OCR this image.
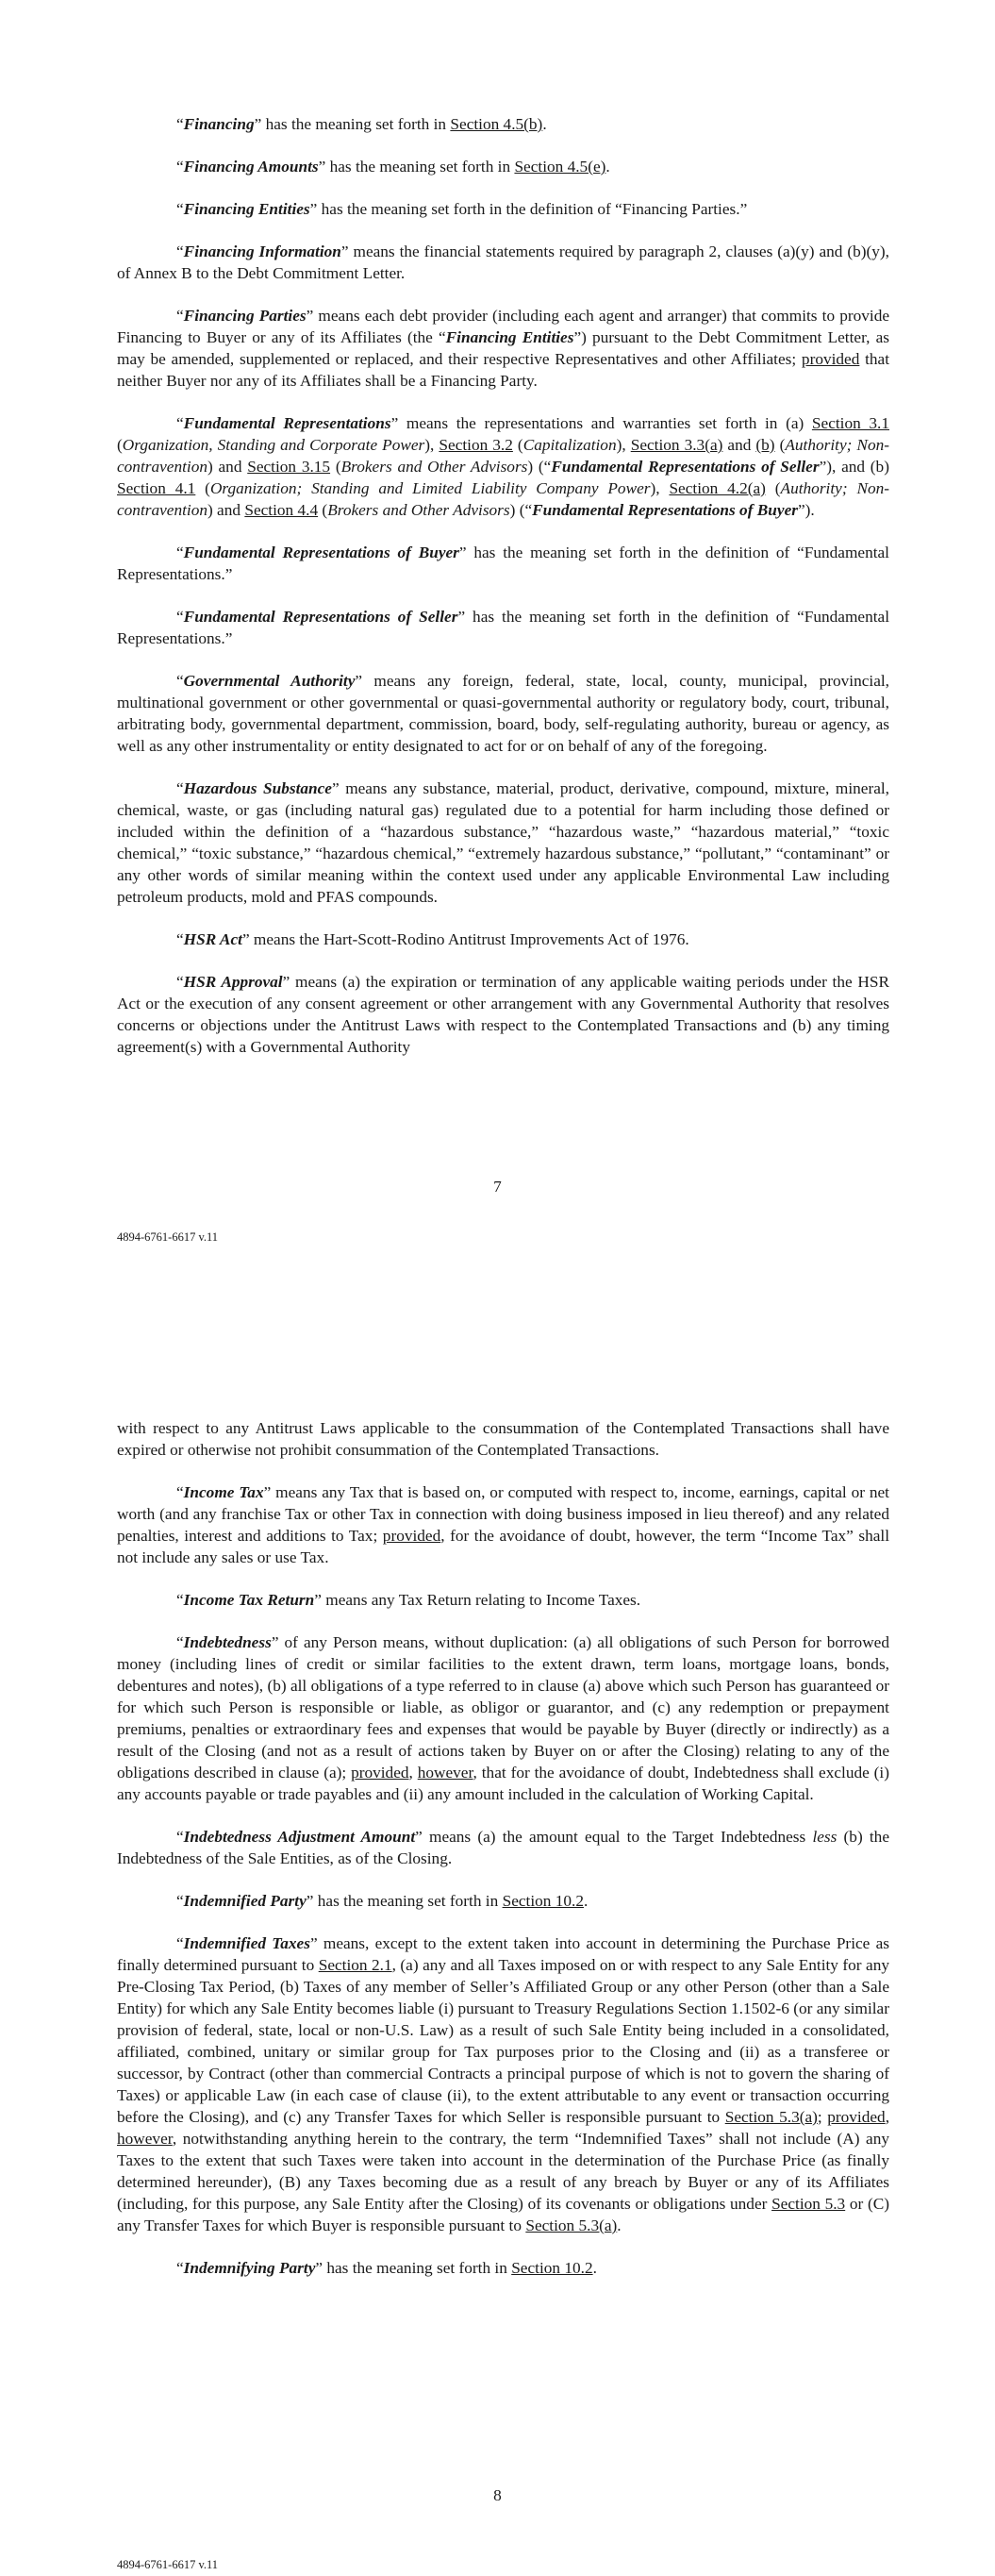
“Financing” has the meaning set forth in Section 4.5(b).

“Financing Amounts” has the meaning set forth in Section 4.5(e).

“Financing Entities” has the meaning set forth in the definition of “Financing Parties.”

“Financing Information” means the financial statements required by paragraph 2, clauses (a)(y) and (b)(y), of Annex B to the Debt Commitment Letter.

“Financing Parties” means each debt provider (including each agent and arranger) that commits to provide Financing to Buyer or any of its Affiliates (the “Financing Entities”) pursuant to the Debt Commitment Letter, as may be amended, supplemented or replaced, and their respective Representatives and other Affiliates; provided that neither Buyer nor any of its Affiliates shall be a Financing Party.

“Fundamental Representations” means the representations and warranties set forth in (a) Section 3.1 (Organization, Standing and Corporate Power), Section 3.2 (Capitalization), Section 3.3(a) and (b) (Authority; Non-contravention) and Section 3.15 (Brokers and Other Advisors) (“Fundamental Representations of Seller”), and (b) Section 4.1 (Organization; Standing and Limited Liability Company Power), Section 4.2(a) (Authority; Non-contravention) and Section 4.4 (Brokers and Other Advisors) (“Fundamental Representations of Buyer”).

“Fundamental Representations of Buyer” has the meaning set forth in the definition of “Fundamental Representations.”

“Fundamental Representations of Seller” has the meaning set forth in the definition of “Fundamental Representations.”

“Governmental Authority” means any foreign, federal, state, local, county, municipal, provincial, multinational government or other governmental or quasi-governmental authority or regulatory body, court, tribunal, arbitrating body, governmental department, commission, board, body, self-regulating authority, bureau or agency, as well as any other instrumentality or entity designated to act for or on behalf of any of the foregoing.

“Hazardous Substance” means any substance, material, product, derivative, compound, mixture, mineral, chemical, waste, or gas (including natural gas) regulated due to a potential for harm including those defined or included within the definition of a “hazardous substance,” “hazardous waste,” “hazardous material,” “toxic chemical,” “toxic substance,” “hazardous chemical,” “extremely hazardous substance,” “pollutant,” “contaminant” or any other words of similar meaning within the context used under any applicable Environmental Law including petroleum products, mold and PFAS compounds.

“HSR Act” means the Hart-Scott-Rodino Antitrust Improvements Act of 1976.

“HSR Approval” means (a) the expiration or termination of any applicable waiting periods under the HSR Act or the execution of any consent agreement or other arrangement with any Governmental Authority that resolves concerns or objections under the Antitrust Laws with respect to the Contemplated Transactions and (b) any timing agreement(s) with a Governmental Authority

7
4894-6761-6617 v.11

with respect to any Antitrust Laws applicable to the consummation of the Contemplated Transactions shall have expired or otherwise not prohibit consummation of the Contemplated Transactions.

“Income Tax” means any Tax that is based on, or computed with respect to, income, earnings, capital or net worth (and any franchise Tax or other Tax in connection with doing business imposed in lieu thereof) and any related penalties, interest and additions to Tax; provided, for the avoidance of doubt, however, the term “Income Tax” shall not include any sales or use Tax.

“Income Tax Return” means any Tax Return relating to Income Taxes.

“Indebtedness” of any Person means, without duplication: (a) all obligations of such Person for borrowed money (including lines of credit or similar facilities to the extent drawn, term loans, mortgage loans, bonds, debentures and notes), (b) all obligations of a type referred to in clause (a) above which such Person has guaranteed or for which such Person is responsible or liable, as obligor or guarantor, and (c) any redemption or prepayment premiums, penalties or extraordinary fees and expenses that would be payable by Buyer (directly or indirectly) as a result of the Closing (and not as a result of actions taken by Buyer on or after the Closing) relating to any of the obligations described in clause (a); provided, however, that for the avoidance of doubt, Indebtedness shall exclude (i) any accounts payable or trade payables and (ii) any amount included in the calculation of Working Capital.

“Indebtedness Adjustment Amount” means (a) the amount equal to the Target Indebtedness less (b) the Indebtedness of the Sale Entities, as of the Closing.

“Indemnified Party” has the meaning set forth in Section 10.2.

“Indemnified Taxes” means, except to the extent taken into account in determining the Purchase Price as finally determined pursuant to Section 2.1, (a) any and all Taxes imposed on or with respect to any Sale Entity for any Pre-Closing Tax Period, (b) Taxes of any member of Seller’s Affiliated Group or any other Person (other than a Sale Entity) for which any Sale Entity becomes liable (i) pursuant to Treasury Regulations Section 1.1502-6 (or any similar provision of federal, state, local or non-U.S. Law) as a result of such Sale Entity being included in a consolidated, affiliated, combined, unitary or similar group for Tax purposes prior to the Closing and (ii) as a transferee or successor, by Contract (other than commercial Contracts a principal purpose of which is not to govern the sharing of Taxes) or applicable Law (in each case of clause (ii), to the extent attributable to any event or transaction occurring before the Closing), and (c) any Transfer Taxes for which Seller is responsible pursuant to Section 5.3(a); provided, however, notwithstanding anything herein to the contrary, the term “Indemnified Taxes” shall not include (A) any Taxes to the extent that such Taxes were taken into account in the determination of the Purchase Price (as finally determined hereunder), (B) any Taxes becoming due as a result of any breach by Buyer or any of its Affiliates (including, for this purpose, any Sale Entity after the Closing) of its covenants or obligations under Section 5.3 or (C) any Transfer Taxes for which Buyer is responsible pursuant to Section 5.3(a).

“Indemnifying Party” has the meaning set forth in Section 10.2.

8
4894-6761-6617 v.11
